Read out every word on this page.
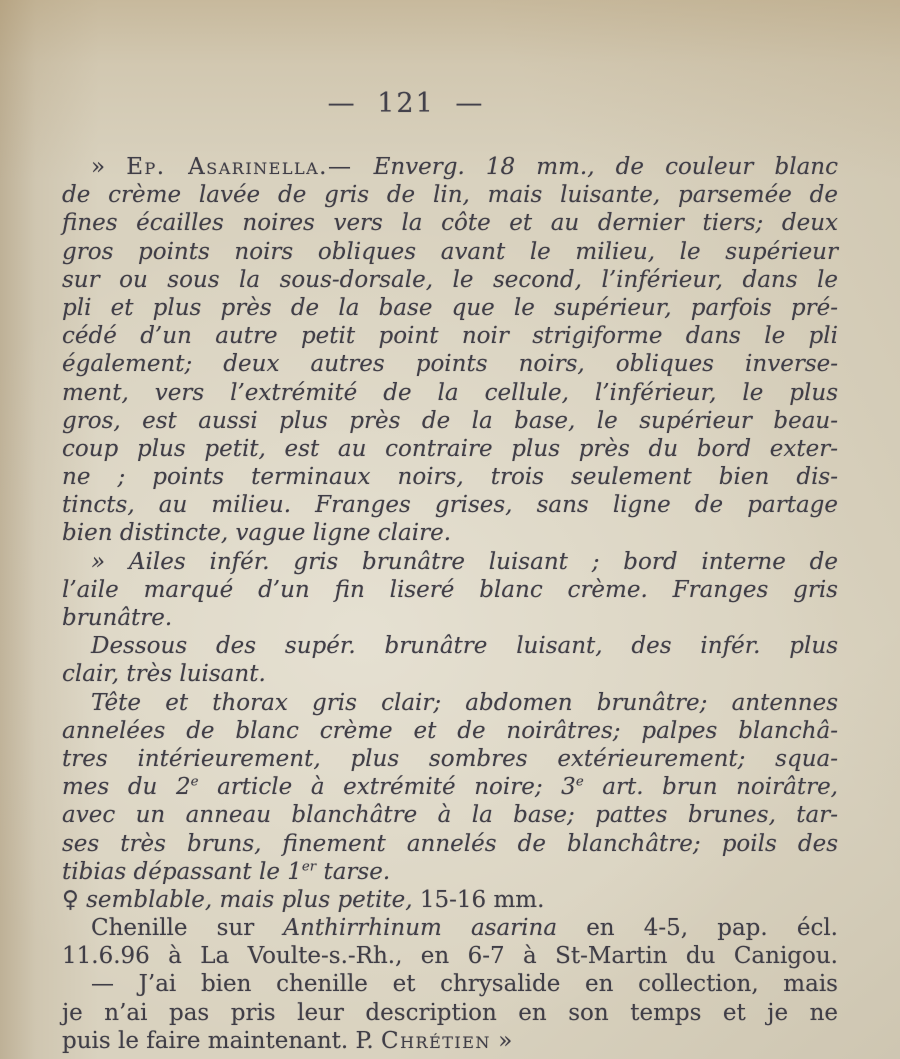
— 121 —
» Ep. Asarinella.— Enverg. 18 mm., de couleur blanc
de crème lavée de gris de lin, mais luisante, parsemée de
fines écailles noires vers la côte et au dernier tiers; deux
gros points noirs obliques avant le milieu, le supérieur
sur ou sous la sous-dorsale, le second, l’inférieur, dans le
pli et plus près de la base que le supérieur, parfois pré-
cédé d’un autre petit point noir strigiforme dans le pli
également; deux autres points noirs, obliques inverse-
ment, vers l’extrémité de la cellule, l’inférieur, le plus
gros, est aussi plus près de la base, le supérieur beau-
coup plus petit, est au contraire plus près du bord exter-
ne ; points terminaux noirs, trois seulement bien dis-
tincts, au milieu. Franges grises, sans ligne de partage
bien distincte, vague ligne claire.
» Ailes infér. gris brunâtre luisant ; bord interne de
l’aile marqué d’un fin liseré blanc crème. Franges gris
brunâtre.
Dessous des supér. brunâtre luisant, des infér. plus
clair, très luisant.
Tête et thorax gris clair; abdomen brunâtre; antennes
annelées de blanc crème et de noirâtres; palpes blanchâ-
tres intérieurement, plus sombres extérieurement; squa-
mes du 2e article à extrémité noire; 3e art. brun noirâtre,
avec un anneau blanchâtre à la base; pattes brunes, tar-
ses très bruns, finement annelés de blanchâtre; poils des
tibias dépassant le 1er tarse.
♀ semblable, mais plus petite, 15-16 mm.
Chenille sur Anthirrhinum asarina en 4-5, pap. écl.
11.6.96 à La Voulte-s.-Rh., en 6-7 à St-Martin du Canigou.
— J’ai bien chenille et chrysalide en collection, mais
je n’ai pas pris leur description en son temps et je ne
puis le faire maintenant. P. Chrétien »
